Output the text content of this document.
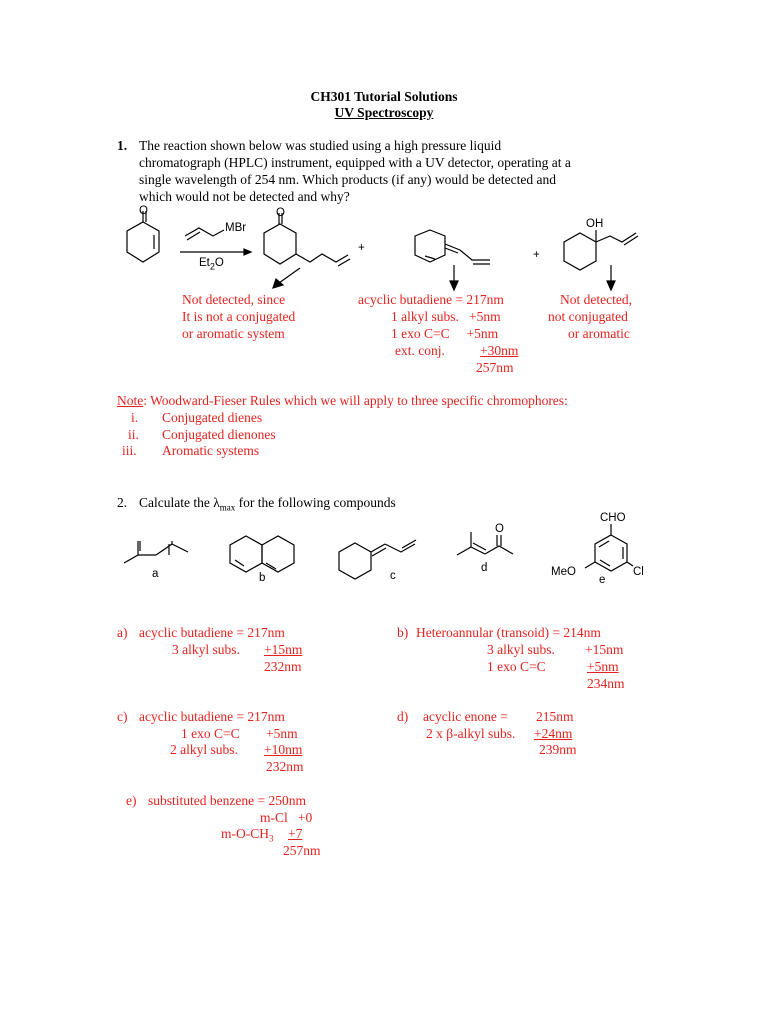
CH301 Tutorial Solutions
UV Spectroscopy
1. The reaction shown below was studied using a high pressure liquid
chromatograph (HPLC) instrument, equipped with a UV detector, operating at a
single wavelength of 254 nm. Which products (if any) would be detected and
which would not be detected and why?
O
MBr
$Et_2O$
O
+
OH
+
Not detected, since
It is not a conjugated
or aromatic system
acyclic butadiene = 217nm
1 alkyl subs.   +5nm
1 exo C=C     +5nm
ext. conj.	+30nm
257nm
Not detected,
not conjugated
or aromatic
Note: Woodward-Fieser Rules which we will apply to three specific chromophores:
i. Conjugated dienes
ii. Conjugated dienones
iii. Aromatic systems
2. Calculate the $\lambda_{max}$ for the following compounds
a	b	c
d
O
CHO
MeO	Cl
e
a) acyclic butadiene = 217nm
3 alkyl subs. +15nm
232nm
b) Heteroannular (transoid) = 214nm
3 alkyl subs. +15nm
1 exo C=C	+5nm
234nm
c) acyclic butadiene = 217nm
1 exo C=C +5nm
2 alkyl subs. +10nm
232nm
d) acyclic enone = 215nm
2 x β-alkyl subs. +24nm
239nm
e) substituted benzene = 250nm
m-Cl   +0
$m-O-CH_3 +7$
257nm
